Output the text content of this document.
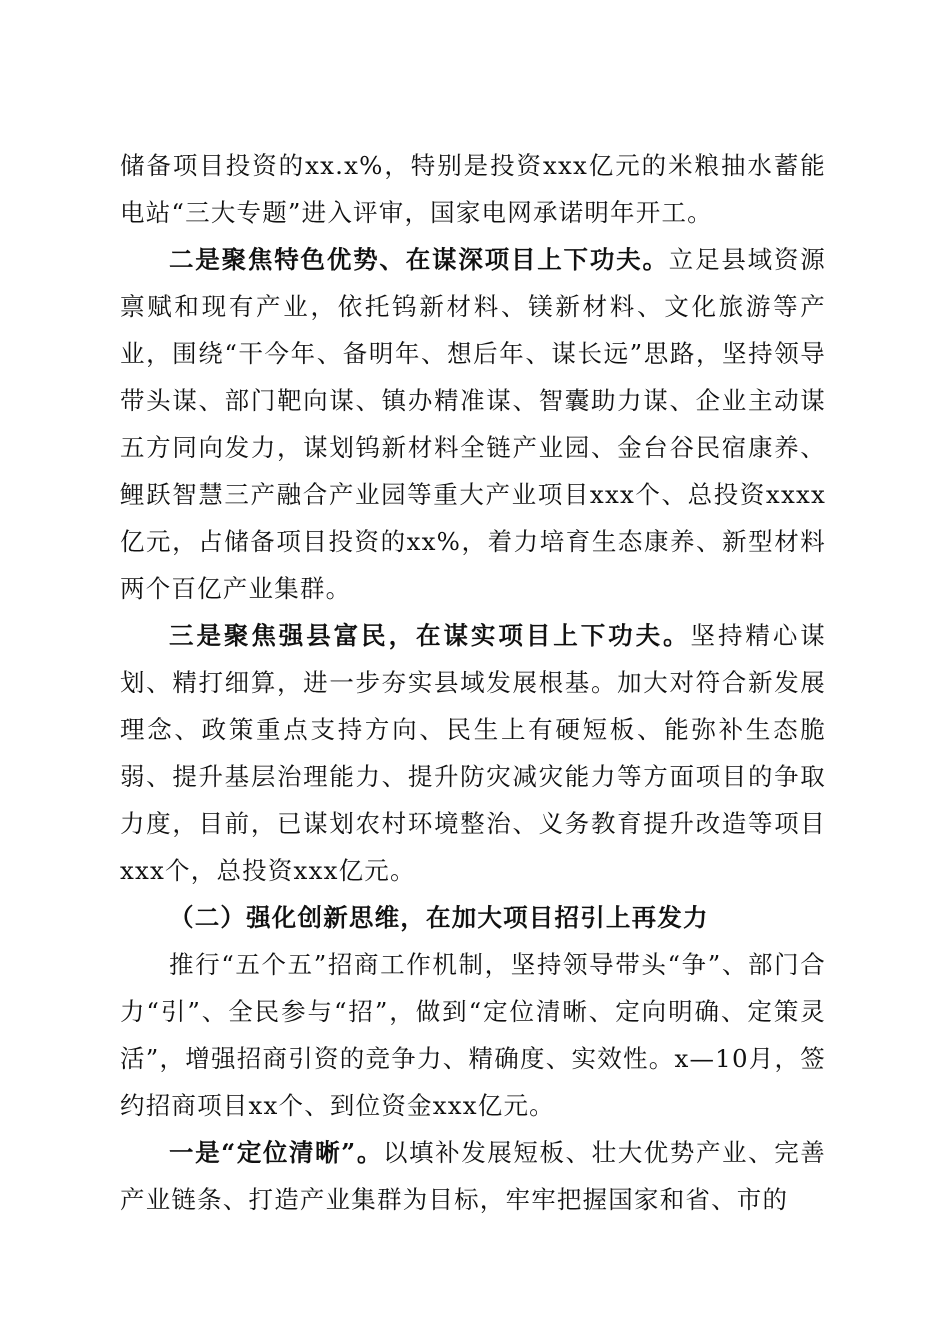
储备项目投资的xx.x%，特别是投资xxx亿元的米粮抽水蓄能电站“三大专题”进入评审，国家电网承诺明年开工。

二是聚焦特色优势、在谋深项目上下功夫。立足县域资源禀赋和现有产业，依托钨新材料、镁新材料、文化旅游等产业，围绕“干今年、备明年、想后年、谋长远”思路，坚持领导带头谋、部门靶向谋、镇办精准谋、智囊助力谋、企业主动谋五方同向发力，谋划钨新材料全链产业园、金台谷民宿康养、鲤跃智慧三产融合产业园等重大产业项目xxx个、总投资xxxx亿元，占储备项目投资的xx%，着力培育生态康养、新型材料两个百亿产业集群。

三是聚焦强县富民，在谋实项目上下功夫。坚持精心谋划、精打细算，进一步夯实县域发展根基。加大对符合新发展理念、政策重点支持方向、民生上有硬短板、能弥补生态脆弱、提升基层治理能力、提升防灾减灾能力等方面项目的争取力度，目前，已谋划农村环境整治、义务教育提升改造等项目xxx个，总投资xxx亿元。

（二）强化创新思维，在加大项目招引上再发力

推行“五个五”招商工作机制，坚持领导带头“争”、部门合力“引”、全民参与“招”，做到“定位清晰、定向明确、定策灵活”，增强招商引资的竞争力、精确度、实效性。x—10月，签约招商项目xx个、到位资金xxx亿元。

一是“定位清晰”。以填补发展短板、壮大优势产业、完善产业链条、打造产业集群为目标，牢牢把握国家和省、市的
